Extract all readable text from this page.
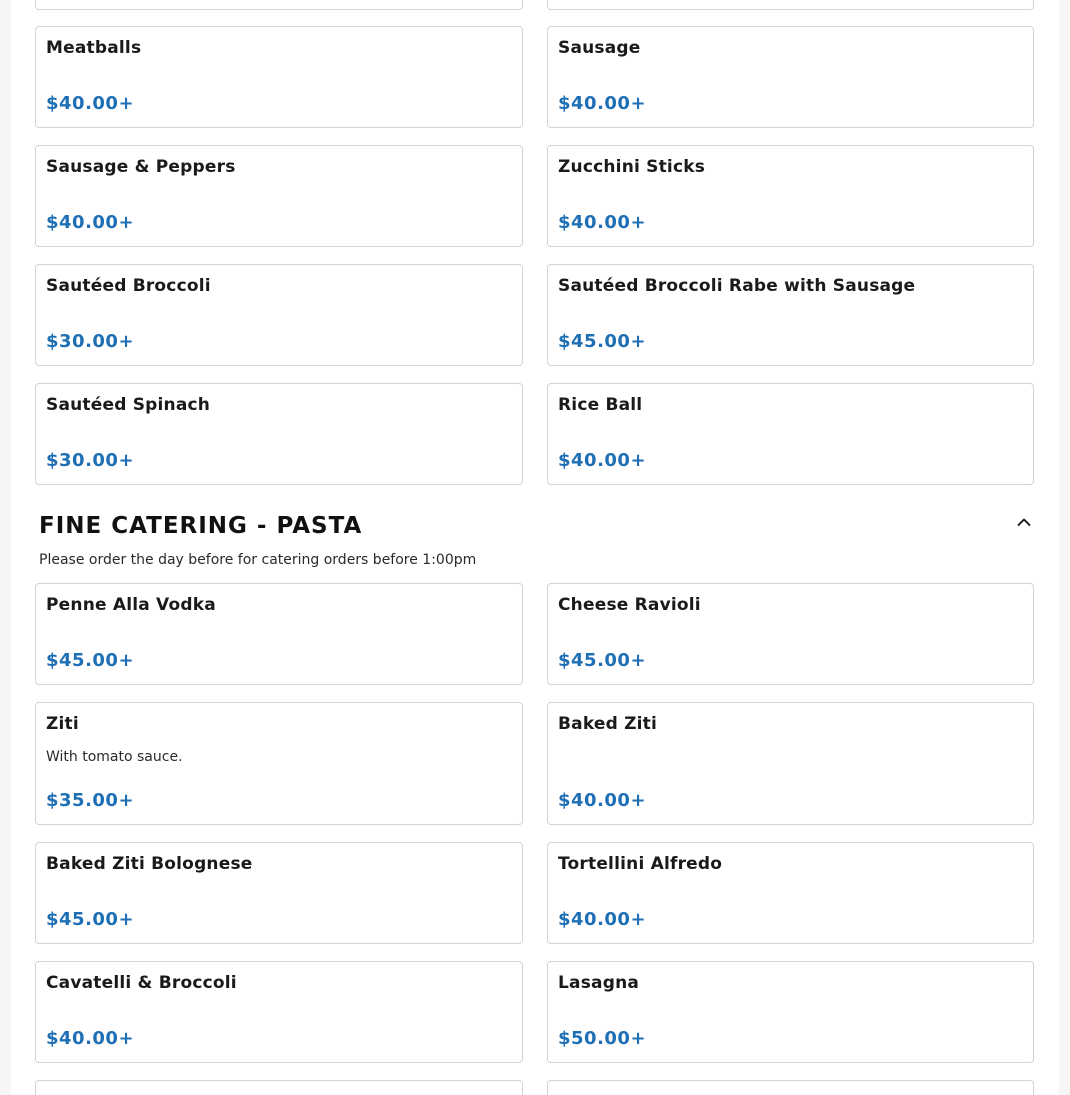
Meatballs
$40.00+
Sausage
$40.00+
Sausage & Peppers
$40.00+
Zucchini Sticks
$40.00+
Sautéed Broccoli
$30.00+
Sautéed Broccoli Rabe with Sausage
$45.00+
Sautéed Spinach
$30.00+
Rice Ball
$40.00+
FINE CATERING - PASTA
Please order the day before for catering orders before 1:00pm
Penne Alla Vodka
$45.00+
Cheese Ravioli
$45.00+
Ziti
With tomato sauce.
$35.00+
Baked Ziti
$40.00+
Baked Ziti Bolognese
$45.00+
Tortellini Alfredo
$40.00+
Cavatelli & Broccoli
$40.00+
Lasagna
$50.00+
